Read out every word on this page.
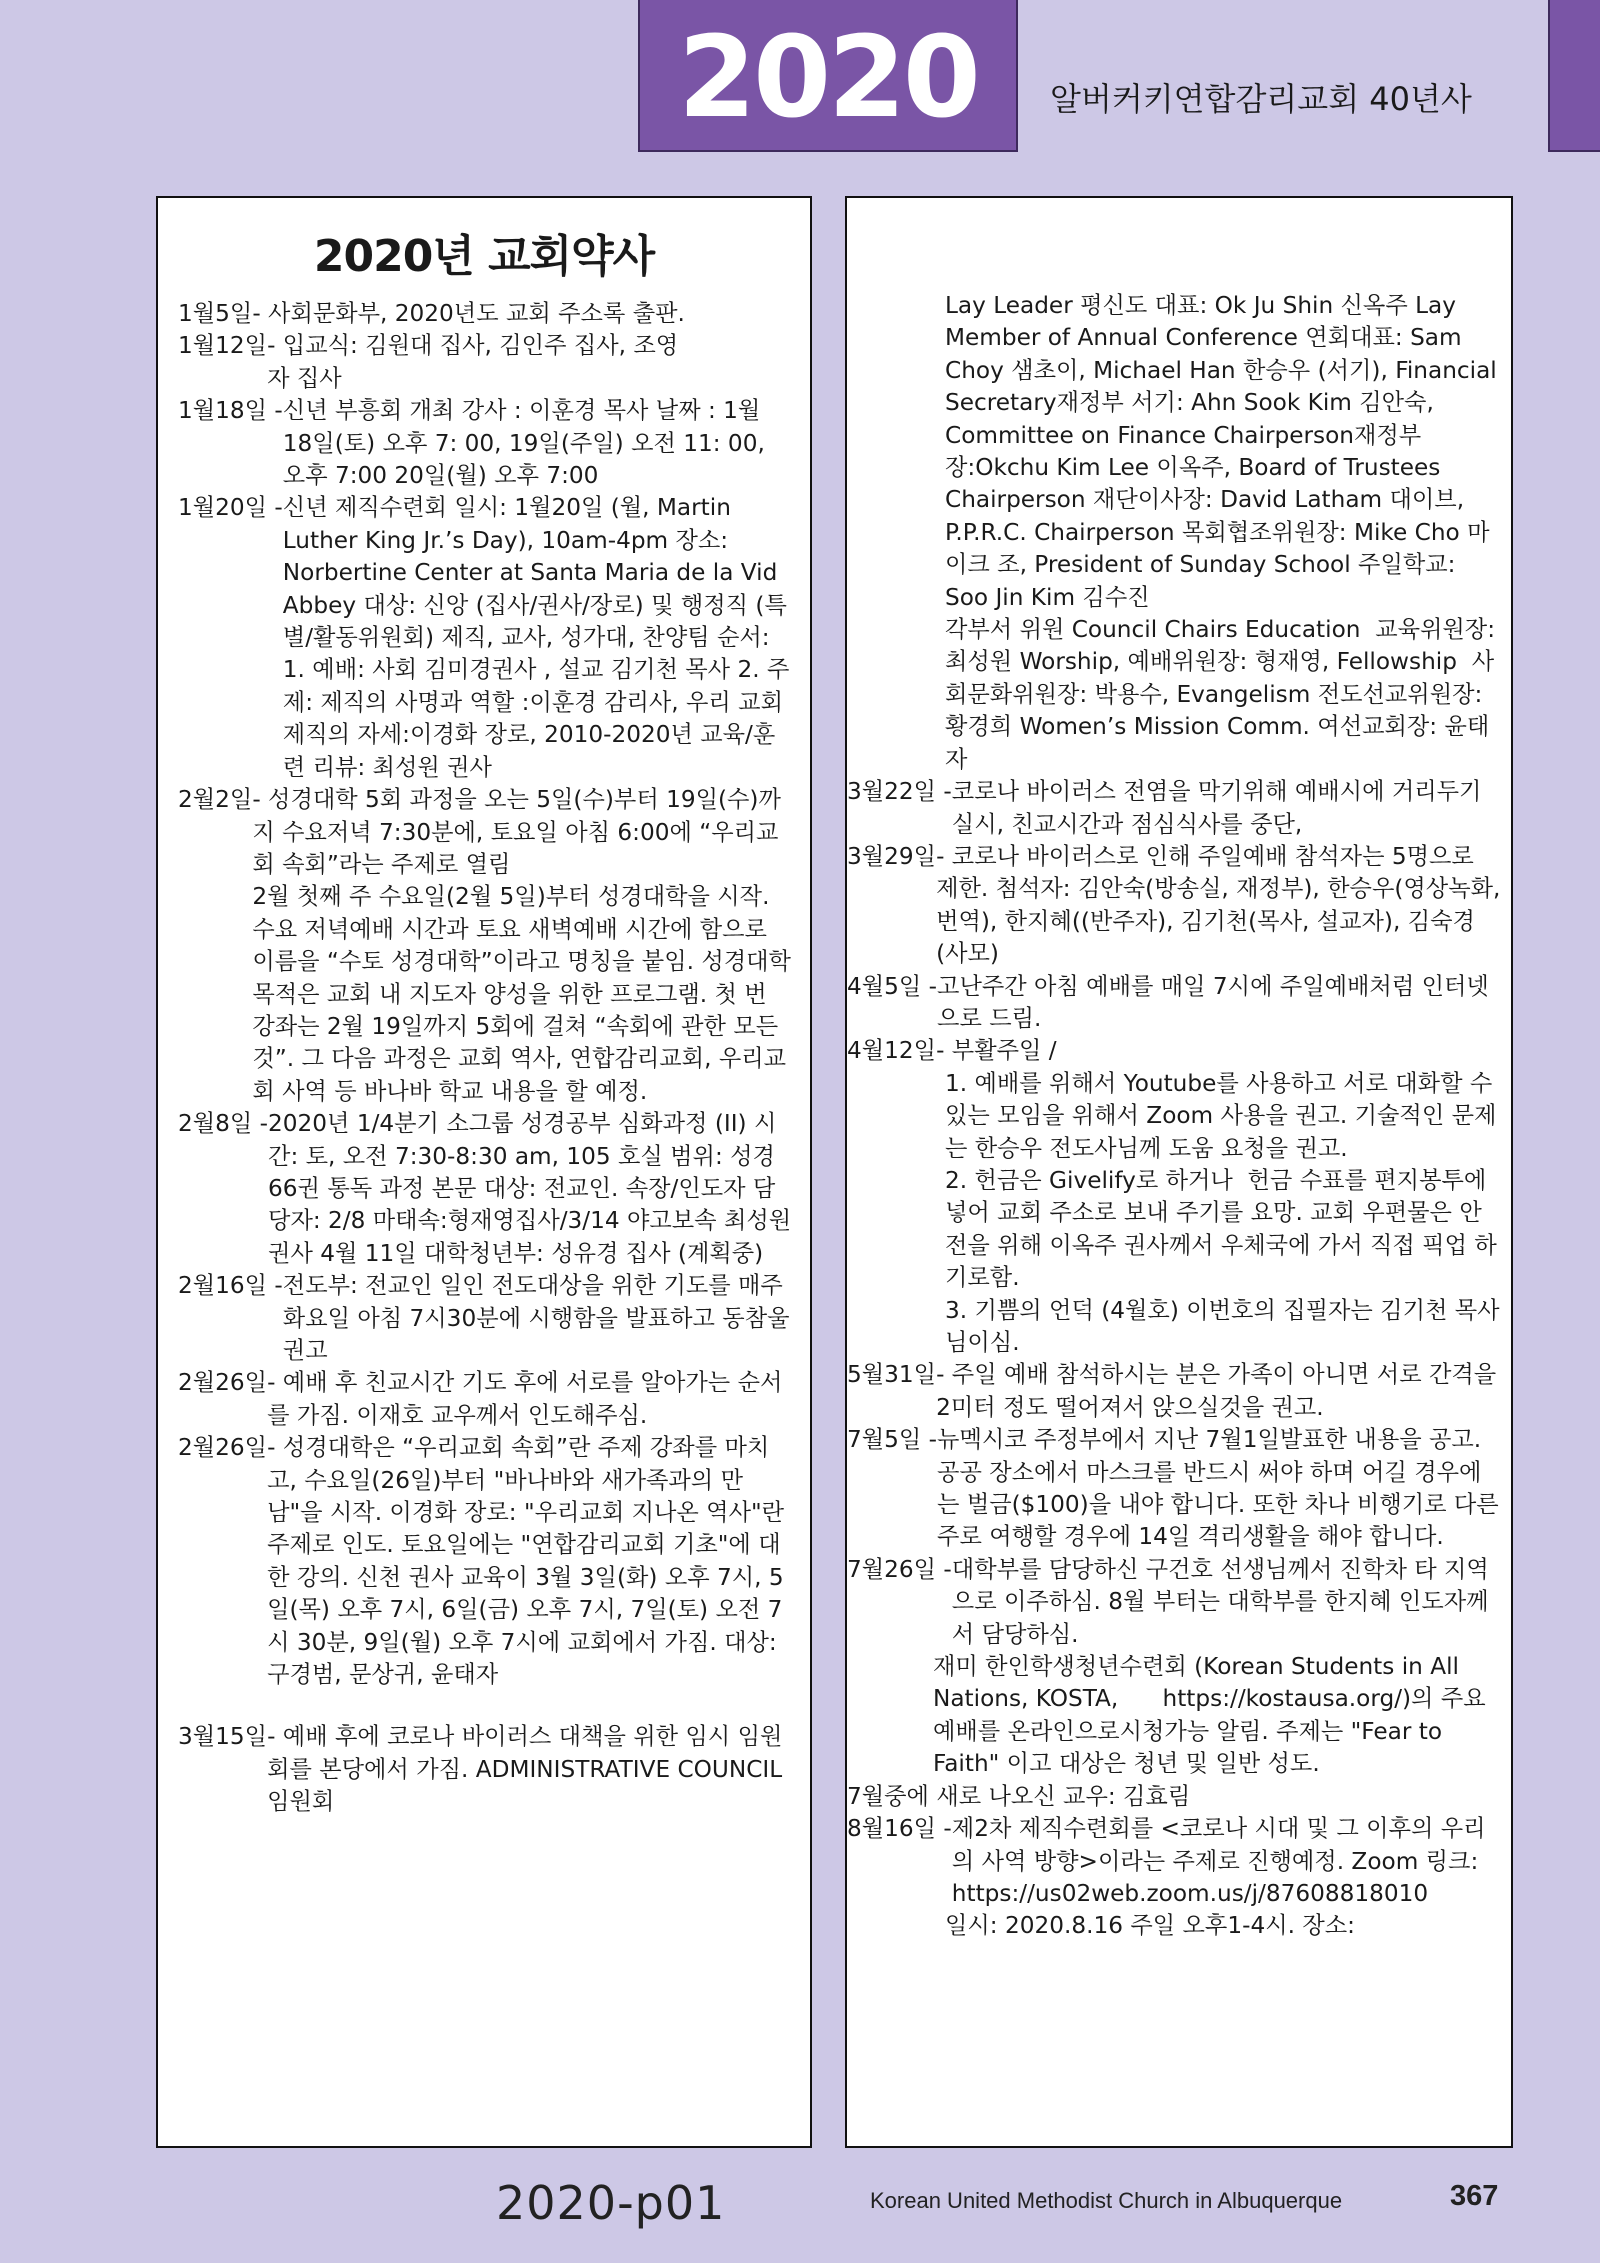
2020 알버커키연합감리교회 40년사
2020년 교회약사
1월5일 - 사회문화부, 2020년도 교회 주소록 출판.
1월12일 - 입교식: 김원대 집사, 김인주 집사, 조영자 집사
1월18일 - 신년 부흥회 개최 강사 : 이훈경 목사 날짜 : 1월 18일(토) 오후 7: 00, 19일(주일) 오전 11: 00, 오후 7:00 20일(월) 오후 7:00
1월20일 - 신년 제직수련회 일시: 1월20일 (월, Martin Luther King Jr.’s Day), 10am-4pm 장소: Norbertine Center at Santa Maria de la Vid Abbey 대상: 신앙 (집사/권사/장로) 및 행정직 (특별/활동위원회) 제직, 교사, 성가대, 찬양팀 순서: 1. 예배: 사회 김미경권사 , 설교 김기천 목사 2. 주제: 제직의 사명과 역할 :이훈경 감리사, 우리 교회 제직의 자세:이경화 장로, 2010-2020년 교육/훈련 리뷰: 최성원 권사
2월2일 - 성경대학 5회 과정을 오는 5일(수)부터 19일(수)까지 수요저녁 7:30분에, 토요일 아침 6:00에 “우리교회 속회”라는 주제로 열림
2월 첫째 주 수요일(2월 5일)부터 성경대학을 시작. 수요 저녁예배 시간과 토요 새벽예배 시간에 함으로 이름을 “수토 성경대학”이라고 명칭을 붙임. 성경대학 목적은 교회 내 지도자 양성을 위한 프로그램. 첫 번 강좌는 2월 19일까지 5회에 걸쳐 “속회에 관한 모든 것”. 그 다음 과정은 교회 역사, 연합감리교회, 우리교회 사역 등 바나바 학교 내용을 할 예정.
2월8일 - 2020년 1/4분기 소그룹 성경공부 심화과정 (II) 시간: 토, 오전 7:30-8:30 am, 105 호실 범위: 성경 66권 통독 과정 본문 대상: 전교인. 속장/인도자 담당자: 2/8 마태속:형재영집사/3/14 야고보속 최성원권사 4월 11일 대학청년부: 성유경 집사 (계획중)
2월16일 - 전도부: 전교인 일인 전도대상을 위한 기도를 매주 화요일 아침 7시30분에 시행함을 발표하고 동참울 권고
2월26일 - 예배 후 친교시간 기도 후에 서로를 알아가는 순서를 가짐. 이재호 교우께서 인도해주심.
2월26일 - 성경대학은 “우리교회 속회”란 주제 강좌를 마치고, 수요일(26일)부터 "바나바와 새가족과의 만남"을 시작. 이경화 장로: "우리교회 지나온 역사"란 주제로 인도. 토요일에는 "연합감리교회 기초"에 대한 강의. 신천 권사 교육이 3월 3일(화) 오후 7시, 5일(목) 오후 7시, 6일(금) 오후 7시, 7일(토) 오전 7시 30분, 9일(월) 오후 7시에 교회에서 가짐. 대상: 구경범, 문상귀, 윤태자
3월15일 - 예배 후에 코로나 바이러스 대책을 위한 임시 임원회를 본당에서 가짐. ADMINISTRATIVE COUNCIL 임원회
Lay Leader 평신도 대표: Ok Ju Shin 신옥주 Lay Member of Annual Conference 연회대표: Sam Choy 샘초이, Michael Han 한승우 (서기), Financial Secretary재정부 서기: Ahn Sook Kim 김안숙, Committee on Finance Chairperson재정부장:Okchu Kim Lee 이옥주, Board of Trustees Chairperson 재단이사장: David Latham 대이브, P.P.R.C. Chairperson 목회협조위원장: Mike Cho 마이크 조, President of Sunday School 주일학교: Soo Jin Kim 김수진
각부서 위원 Council Chairs Education  교육위원장: 최성원 Worship, 예배위원장: 형재영, Fellowship  사회문화위원장: 박용수, Evangelism 전도선교위원장: 황경희 Women’s Mission Comm. 여선교회장: 윤태자
3월22일 - 코로나 바이러스 전염을 막기위해 예배시에 거리두기 실시, 친교시간과 점심식사를 중단,
3월29일 - 코로나 바이러스로 인해 주일예배 참석자는 5명으로 제한. 첨석자: 김안숙(방송실, 재정부), 한승우(영상녹화, 번역), 한지혜((반주자), 김기천(목사, 설교자), 김숙경(사모)
4월5일 - 고난주간 아침 예배를 매일 7시에 주일예배처럼 인터넷으로 드림.
4월12일 - 부활주일 /
1. 예배를 위해서 Youtube를 사용하고 서로 대화할 수 있는 모임을 위해서 Zoom 사용을 권고. 기술적인 문제는 한승우 전도사님께 도움 요청을 권고.
2. 헌금은 Givelify로 하거나  헌금 수표를 편지봉투에 넣어 교회 주소로 보내 주기를 요망. 교회 우편물은 안전을 위해 이옥주 권사께서 우체국에 가서 직접 픽업 하기로함.
3. 기쁨의 언덕 (4월호) 이번호의 집필자는 김기천 목사님이심.
5월31일 - 주일 예배 참석하시는 분은 가족이 아니면 서로 간격을 2미터 정도 떨어져서 앉으실것을 권고.
7월5일 - 뉴멕시코 주정부에서 지난 7월1일발표한 내용을 공고. 공공 장소에서 마스크를 반드시 써야 하며 어길 경우에는 벌금($100)을 내야 합니다. 또한 차나 비행기로 다른 주로 여행할 경우에 14일 격리생활을 해야 합니다.
7월26일 - 대학부를 담당하신 구건호 선생님께서 진학차 타 지역으로 이주하심. 8월 부터는 대학부를 한지혜 인도자께서 담당하심.
재미 한인학생청년수련회 (Korean Students in All Nations, KOSTA,      https://kostausa.org/)의 주요 예배를 온라인으로시청가능 알림. 주제는 "Fear to Faith" 이고 대상은 청년 및 일반 성도.
7월중에 새로 나오신 교우: 김효림
8월16일 - 제2차 제직수련회를 <코로나 시대 및 그 이후의 우리의 사역 방향>이라는 주제로 진행예정. Zoom 링크: https://us02web.zoom.us/j/87608818010
일시: 2020.8.16 주일 오후1-4시. 장소:
2020-p01	Korean United Methodist Church in Albuquerque	367
